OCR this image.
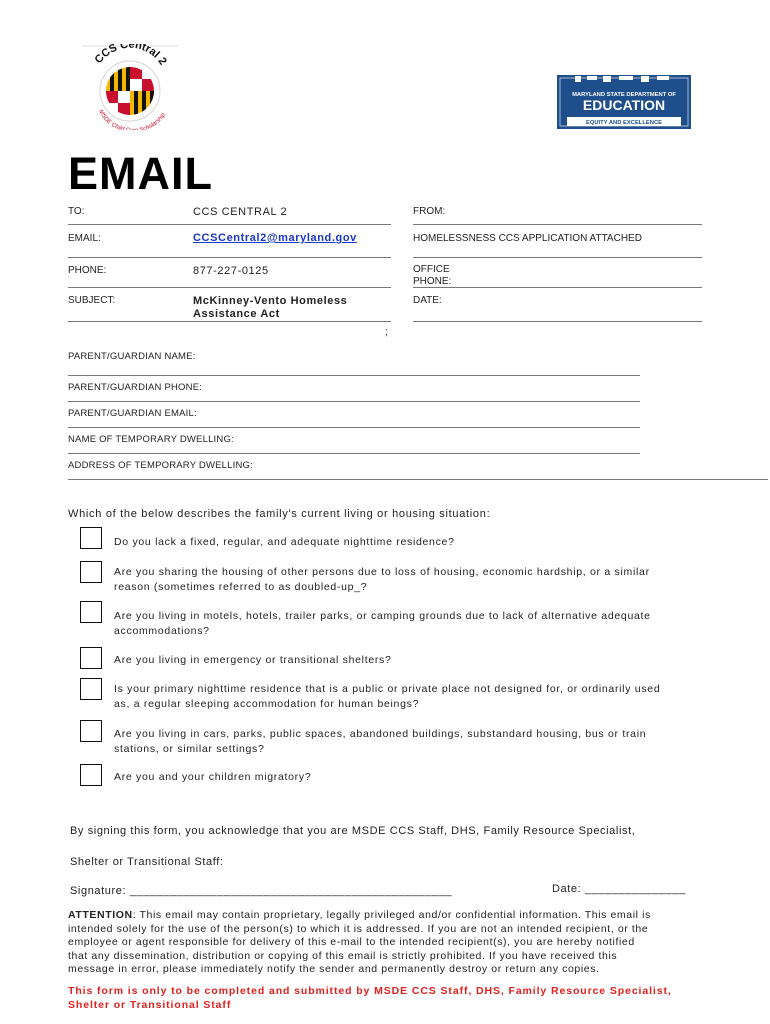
CCS Central 2
MSDE Child cholarship
MARYLAND STATE DEPARTMENT OF
EDUCATION
EQUITY AND EXCELLENCE
EMAIL
TO:	CCS CENTRAL 2	FROM:
EMAIL:	CCSCentral2@maryland.gov	HOMELESSNESS CCS APPLICATION ATTACHED
PHONE:	877-227-0125	OFFICE
PHONE:
SUBJECT:	McKinney-Vento Homeless
Assistance Act
DATE:
;
PARENT/GUARDIAN NAME:
PARENT/GUARDIAN PHONE:
PARENT/GUARDIAN EMAIL:
NAME OF TEMPORARY DWELLING:
ADDRESS OF TEMPORARY DWELLING:
Which of the below describes the family's current living or housing situation:
Do you lack a fixed, regular, and adequate nighttime residence?
Are you sharing the housing of other persons due to loss of housing, economic hardship, or a similar
reason (sometimes referred to as doubled-up_?
Are you living in motels, hotels, trailer parks, or camping grounds due to lack of alternative adequate
accommodations?
Are you living in emergency or transitional shelters?
Is your primary nighttime residence that is a public or private place not designed for, or ordinarily used
as, a regular sleeping accommodation for human beings?
Are you living in cars, parks, public spaces, abandoned buildings, substandard housing, bus or train
stations, or similar settings?
Are you and your children migratory?
By signing this form, you acknowledge that you are MSDE CCS Staff, DHS, Family Resource Specialist,
Shelter or Transitional Staff:
Signature: ________________________________________________	Date: _______________
ATTENTION: This email may contain proprietary, legally privileged and/or confidential information. This email is
intended solely for the use of the person(s) to which it is addressed. If you are not an intended recipient, or the
employee or agent responsible for delivery of this e-mail to the intended recipient(s), you are hereby notified
that any dissemination, distribution or copying of this email is strictly prohibited. If you have received this
message in error, please immediately notify the sender and permanently destroy or return any copies.
This form is only to be completed and submitted by MSDE CCS Staff, DHS, Family Resource Specialist,
Shelter or Transitional Staff
